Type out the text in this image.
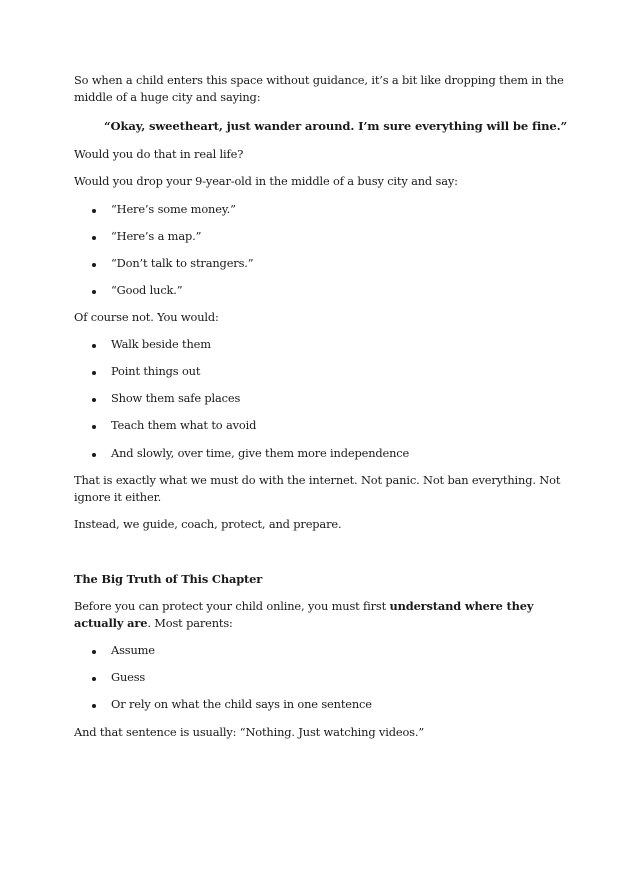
So when a child enters this space without guidance, it’s a bit like dropping them in the
middle of a huge city and saying:
“Okay, sweetheart, just wander around. I’m sure everything will be fine.”
Would you do that in real life?
Would you drop your 9-year-old in the middle of a busy city and say:
“Here’s some money.”
“Here’s a map.”
“Don’t talk to strangers.”
“Good luck.”
Of course not. You would:
Walk beside them
Point things out
Show them safe places
Teach them what to avoid
And slowly, over time, give them more independence
That is exactly what we must do with the internet. Not panic. Not ban everything. Not
ignore it either.
Instead, we guide, coach, protect, and prepare.
The Big Truth of This Chapter
Before you can protect your child online, you must first understand where they
actually are. Most parents:
Assume
Guess
Or rely on what the child says in one sentence
And that sentence is usually: “Nothing. Just watching videos.”
